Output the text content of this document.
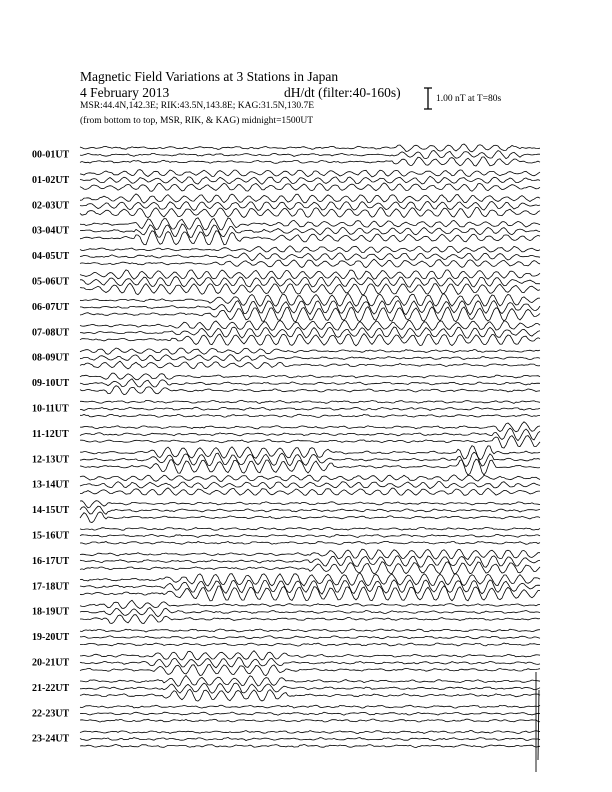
Magnetic Field Variations at 3 Stations in Japan
4 February 2013	dH/dt (filter:40-160s)
MSR:44.4N,142.3E; RIK:43.5N,143.8E; KAG:31.5N,130.7E
(from bottom to top, MSR, RIK, & KAG) midnight=1500UT
1.00 nT at T=80s
00-01UT
01-02UT
02-03UT
03-04UT
04-05UT
05-06UT
06-07UT
07-08UT
08-09UT
09-10UT
10-11UT
11-12UT
12-13UT
13-14UT
14-15UT
15-16UT
16-17UT
17-18UT
18-19UT
19-20UT
20-21UT
21-22UT
22-23UT
23-24UT
